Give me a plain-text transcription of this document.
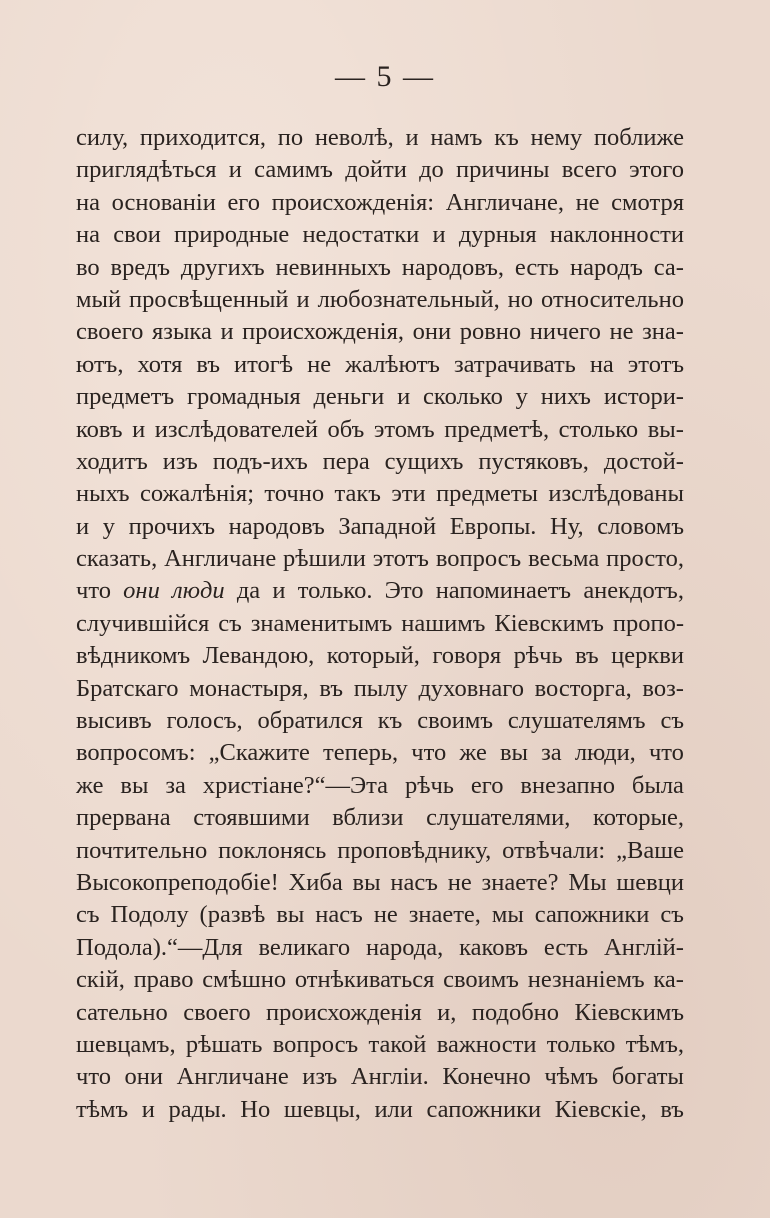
— 5 —
силу, приходится, по неволѣ, и намъ къ нему поближе
приглядѣться и самимъ дойти до причины всего этого
на основанiи его происхожденія: Англичане, не смотря
на свои природные недостатки и дурныя наклонности
во вредъ другихъ невинныхъ народовъ, есть народъ са-
мый просвѣщенный и любознательный, но относительно
своего языка и происхожденія, они ровно ничего не зна-
ютъ, хотя въ итогѣ не жалѣютъ затрачивать на этотъ
предметъ громадныя деньги и сколько у нихъ истори-
ковъ и изслѣдователей объ этомъ предметѣ, столько вы-
ходитъ изъ подъ-ихъ пера сущихъ пустяковъ, достой-
ныхъ сожалѣнія; точно такъ эти предметы изслѣдованы
и у прочихъ народовъ Западной Европы. Ну, словомъ
сказать, Англичане рѣшили этотъ вопросъ весьма просто,
что они люди да и только. Это напоминаетъ анекдотъ,
случившiйся съ знаменитымъ нашимъ Кiевскимъ пропо-
вѣдникомъ Левандою, который, говоря рѣчь въ церкви
Братскаго монастыря, въ пылу духовнаго восторга, воз-
высивъ голосъ, обратился къ своимъ слушателямъ съ
вопросомъ: „Скажите теперь, что же вы за люди, что
же вы за христiане?“—Эта рѣчь его внезапно была
прервана стоявшими вблизи слушателями, которые,
почтительно поклонясь проповѣднику, отвѣчали: „Ваше
Высокопреподобіе! Хиба вы насъ не знаете? Мы шевци
съ Подолу (развѣ вы насъ не знаете, мы сапожники съ
Подола).“—Для великаго народа, каковъ есть Англій-
скій, право смѣшно отнѣкиваться своимъ незнаніемъ ка-
сательно своего происхожденія и, подобно Кiевскимъ
шевцамъ, рѣшать вопросъ такой важности только тѣмъ,
что они Англичане изъ Англiи. Конечно чѣмъ богаты
тѣмъ и рады. Но шевцы, или сапожники Кiевскiе, въ
